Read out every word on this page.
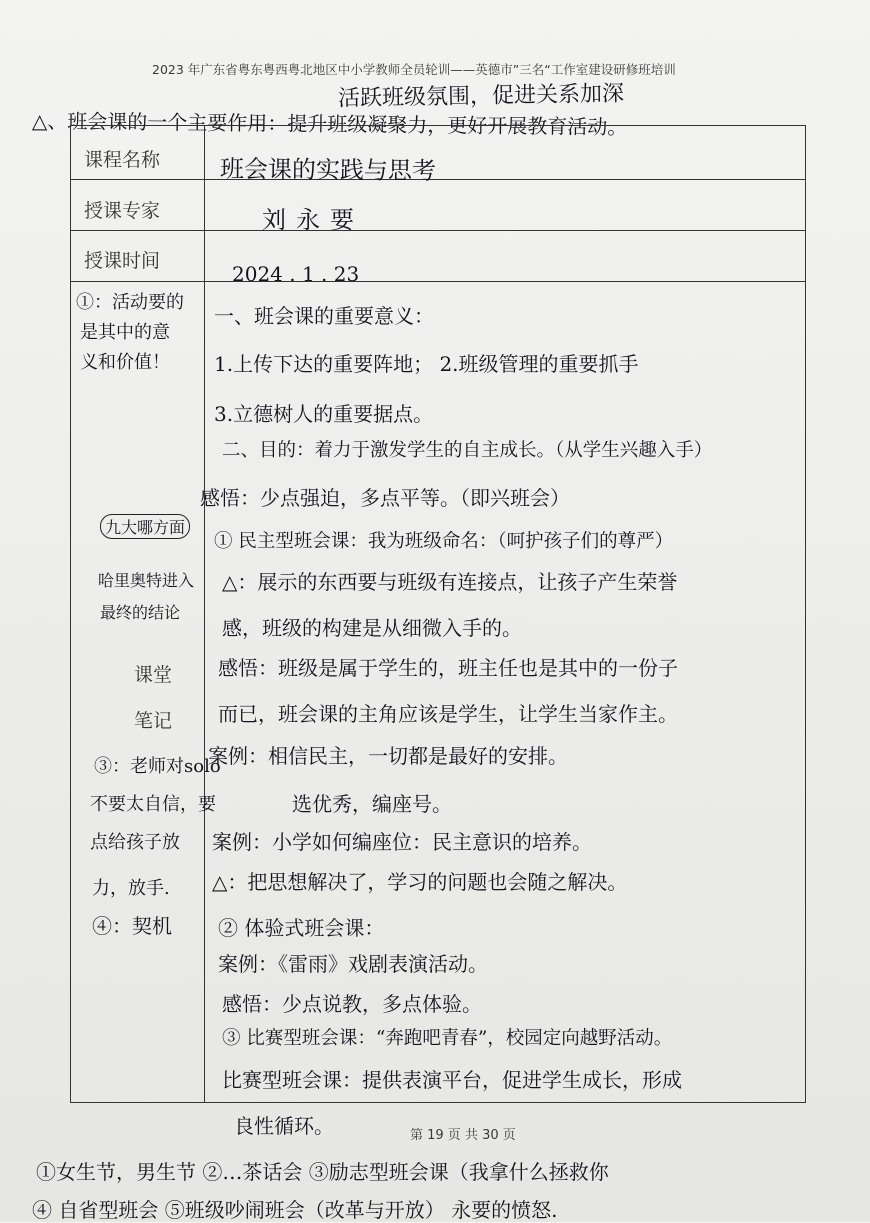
2023 年广东省粤东粤西粤北地区中小学教师全员轮训——英德市”三名“工作室建设研修班培训
活跃班级氛围，促进关系加深
△、班会课的一个主要作用：提升班级凝聚力，更好开展教育活动。
课程名称 班会课的实践与思考
授课专家	刘永要
授课时间
2024 . 1 . 23
课堂
笔记
①：活动要的
是其中的意
义和价值！
九大哪方面
哈里奥特进入
最终的结论
③：老师对solo
不要太自信，要
点给孩子放
力，放手.
④：契机
一、班会课的重要意义：
1.上传下达的重要阵地； 2.班级管理的重要抓手
3.立德树人的重要据点。
二、目的：着力于激发学生的自主成长。（从学生兴趣入手）
感悟：少点强迫，多点平等。（即兴班会）
① 民主型班会课：我为班级命名：（呵护孩子们的尊严）
△：展示的东西要与班级有连接点，让孩子产生荣誉
感，班级的构建是从细微入手的。
感悟：班级是属于学生的，班主任也是其中的一份子
而已，班会课的主角应该是学生，让学生当家作主。
案例：相信民主，一切都是最好的安排。
选优秀，编座号。
案例：小学如何编座位：民主意识的培养。
△：把思想解决了，学习的问题也会随之解决。
② 体验式班会课：
案例：《雷雨》戏剧表演活动。
感悟：少点说教，多点体验。
③ 比赛型班会课：“奔跑吧青春”，校园定向越野活动。
比赛型班会课：提供表演平台，促进学生成长，形成
良性循环。	第 19 页 共 30 页
①女生节，男生节 ②…茶话会 ③励志型班会课（我拿什么拯救你
④ 自省型班会 ⑤班级吵闹班会（改革与开放） 永要的愤怒.
